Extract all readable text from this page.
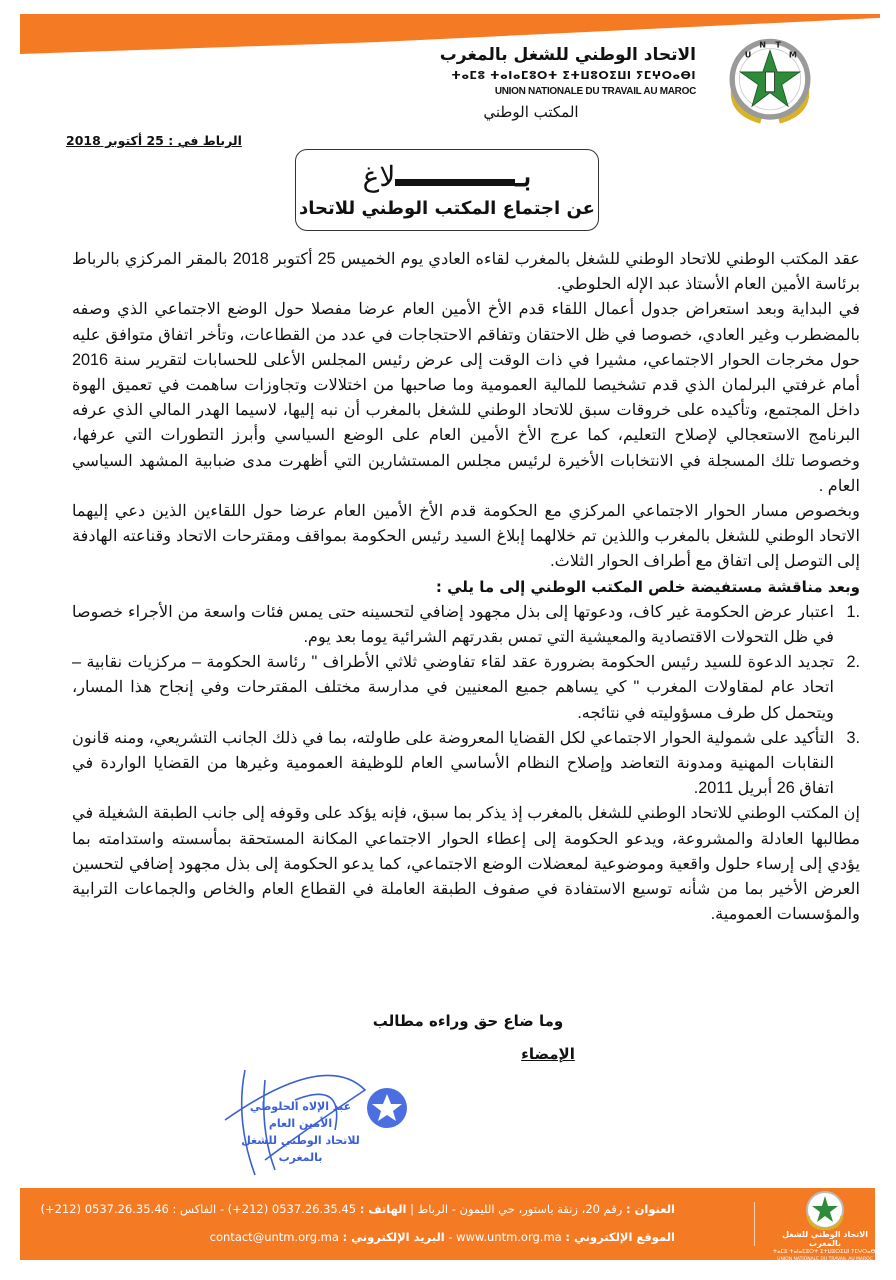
الاتحاد الوطني للشغل بالمغرب
ⵜⴰⵎⵓ ⵜⴰⵏⴰⵎⵓⵔⵜ ⵉⵜⵡⵓⵔⵉⵡⵏ ⵢⵎⵖⵔⴰⴱⵏ
UNION NATIONALE DU TRAVAIL AU MAROC
المكتب الوطني
U
N T
M
الرباط في : 25 أكتوبر 2018
بـ
لاغ
عن اجتماع المكتب الوطني للاتحاد

عقد المكتب الوطني للاتحاد الوطني للشغل بالمغرب لقاءه العادي يوم الخميس 25 أكتوبر 2018 بالمقر المركزي بالرباط برئاسة الأمين العام الأستاذ عبد الإله الحلوطي.

في البداية وبعد استعراض جدول أعمال اللقاء قدم الأخ الأمين العام عرضا مفصلا حول الوضع الاجتماعي الذي وصفه بالمضطرب وغير العادي، خصوصا في ظل الاحتقان وتفاقم الاحتجاجات في عدد من القطاعات، وتأخر اتفاق متوافق عليه حول مخرجات الحوار الاجتماعي، مشيرا في ذات الوقت إلى عرض رئيس المجلس الأعلى للحسابات لتقرير سنة 2016 أمام غرفتي البرلمان الذي قدم تشخيصا للمالية العمومية وما صاحبها من اختلالات وتجاوزات ساهمت في تعميق الهوة داخل المجتمع، وتأكيده على خروقات سبق للاتحاد الوطني للشغل بالمغرب أن نبه إليها، لاسيما الهدر المالي الذي عرفه البرنامج الاستعجالي لإصلاح التعليم، كما عرج الأخ الأمين العام على الوضع السياسي وأبرز التطورات التي عرفها، وخصوصا تلك المسجلة في الانتخابات الأخيرة لرئيس مجلس المستشارين التي أظهرت مدى ضبابية المشهد السياسي العام .

وبخصوص مسار الحوار الاجتماعي المركزي مع الحكومة قدم الأخ الأمين العام عرضا حول اللقاءين الذين دعي إليهما الاتحاد الوطني للشغل بالمغرب واللذين تم خلالهما إبلاغ السيد رئيس الحكومة بمواقف ومقترحات الاتحاد وقناعته الهادفة إلى التوصل إلى اتفاق مع أطراف الحوار الثلاث.

وبعد مناقشة مستفيضة خلص المكتب الوطني إلى ما يلي :

1.
اعتبار عرض الحكومة غير كاف، ودعوتها إلى بذل مجهود إضافي لتحسينه حتى يمس فئات واسعة من الأجراء خصوصا في ظل التحولات الاقتصادية والمعيشية التي تمس بقدرتهم الشرائية يوما بعد يوم.
2.
تجديد الدعوة للسيد رئيس الحكومة بضرورة عقد لقاء تفاوضي ثلاثي الأطراف " رئاسة الحكومة – مركزيات نقابية – اتحاد عام لمقاولات المغرب " كي يساهم جميع المعنيين في مدارسة مختلف المقترحات وفي إنجاح هذا المسار، ويتحمل كل طرف مسؤوليته في نتائجه.
3.
التأكيد على شمولية الحوار الاجتماعي لكل القضايا المعروضة على طاولته، بما في ذلك الجانب التشريعي، ومنه قانون النقابات المهنية ومدونة التعاضد وإصلاح النظام الأساسي العام للوظيفة العمومية وغيرها من القضايا الواردة في اتفاق 26 أبريل 2011.

إن المكتب الوطني للاتحاد الوطني للشغل بالمغرب إذ يذكر بما سبق، فإنه يؤكد على وقوفه إلى جانب الطبقة الشغيلة في مطالبها العادلة والمشروعة، ويدعو الحكومة إلى إعطاء الحوار الاجتماعي المكانة المستحقة بمأسسته واستدامته بما يؤدي إلى إرساء حلول واقعية وموضوعية لمعضلات الوضع الاجتماعي، كما يدعو الحكومة إلى بذل مجهود إضافي لتحسين العرض الأخير بما من شأنه توسيع الاستفادة في صفوف الطبقة العاملة في القطاع العام والخاص والجماعات الترابية والمؤسسات العمومية.

وما ضاع حق وراءه مطالب
الإمضاء
عبد الإلاه الحلوطي
الأمين العام
للاتحاد الوطني للشغل بالمغرب
العنوان : رقم 20، زنقة باستور، حي الليمون - الرباط | الهاتف : 0537.26.35.45 (212+) - الفاكس : 0537.26.35.46 (212+)
الموقع الإلكتروني : www.untm.org.ma - البريد الإلكتروني : contact@untm.org.ma	الاتحاد الوطني للشغل بالمغرب
ⵜⴰⵎⵓ ⵜⴰⵏⴰⵎⵓⵔⵜ ⵉⵜⵡⵓⵔⵉⵡⵏ ⵢⵎⵖⵔⴰⴱⵏ
UNION NATIONALE DU TRAVAIL AU MAROC
